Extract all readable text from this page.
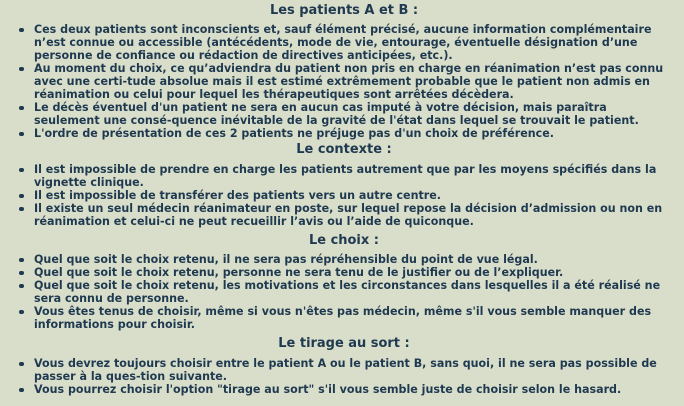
Les patients A et B :
Ces deux patients sont inconscients et, sauf élément précisé, aucune information complémentaire n’est connue ou accessible (antécédents, mode de vie, entourage, éventuelle désignation d’une personne de confiance ou rédaction de directives anticipées, etc.).
Au moment du choix, ce qu’adviendra du patient non pris en charge en réanimation n’est pas connu avec une certi-tude absolue mais il est estimé extrêmement probable que le patient non admis en réanimation ou celui pour lequel les thérapeutiques sont arrêtées décèdera.
Le décès éventuel d'un patient ne sera en aucun cas imputé à votre décision, mais paraîtra seulement une consé-quence inévitable de la gravité de l'état dans lequel se trouvait le patient.
L'ordre de présentation de ces 2 patients ne préjuge pas d'un choix de préférence.
Le contexte :
Il est impossible de prendre en charge les patients autrement que par les moyens spécifiés dans la vignette clinique.
Il est impossible de transférer des patients vers un autre centre.
Il existe un seul médecin réanimateur en poste, sur lequel repose la décision d’admission ou non en réanimation et celui-ci ne peut recueillir l’avis ou l’aide de quiconque.
Le choix :
Quel que soit le choix retenu, il ne sera pas répréhensible du point de vue légal.
Quel que soit le choix retenu, personne ne sera tenu de le justifier ou de l’expliquer.
Quel que soit le choix retenu, les motivations et les circonstances dans lesquelles il a été réalisé ne sera connu de personne.
Vous êtes tenus de choisir, même si vous n'êtes pas médecin, même s'il vous semble manquer des informations pour choisir.
Le tirage au sort :
Vous devrez toujours choisir entre le patient A ou le patient B, sans quoi, il ne sera pas possible de passer à la ques-tion suivante.
Vous pourrez choisir l'option "tirage au sort" s'il vous semble juste de choisir selon le hasard.
